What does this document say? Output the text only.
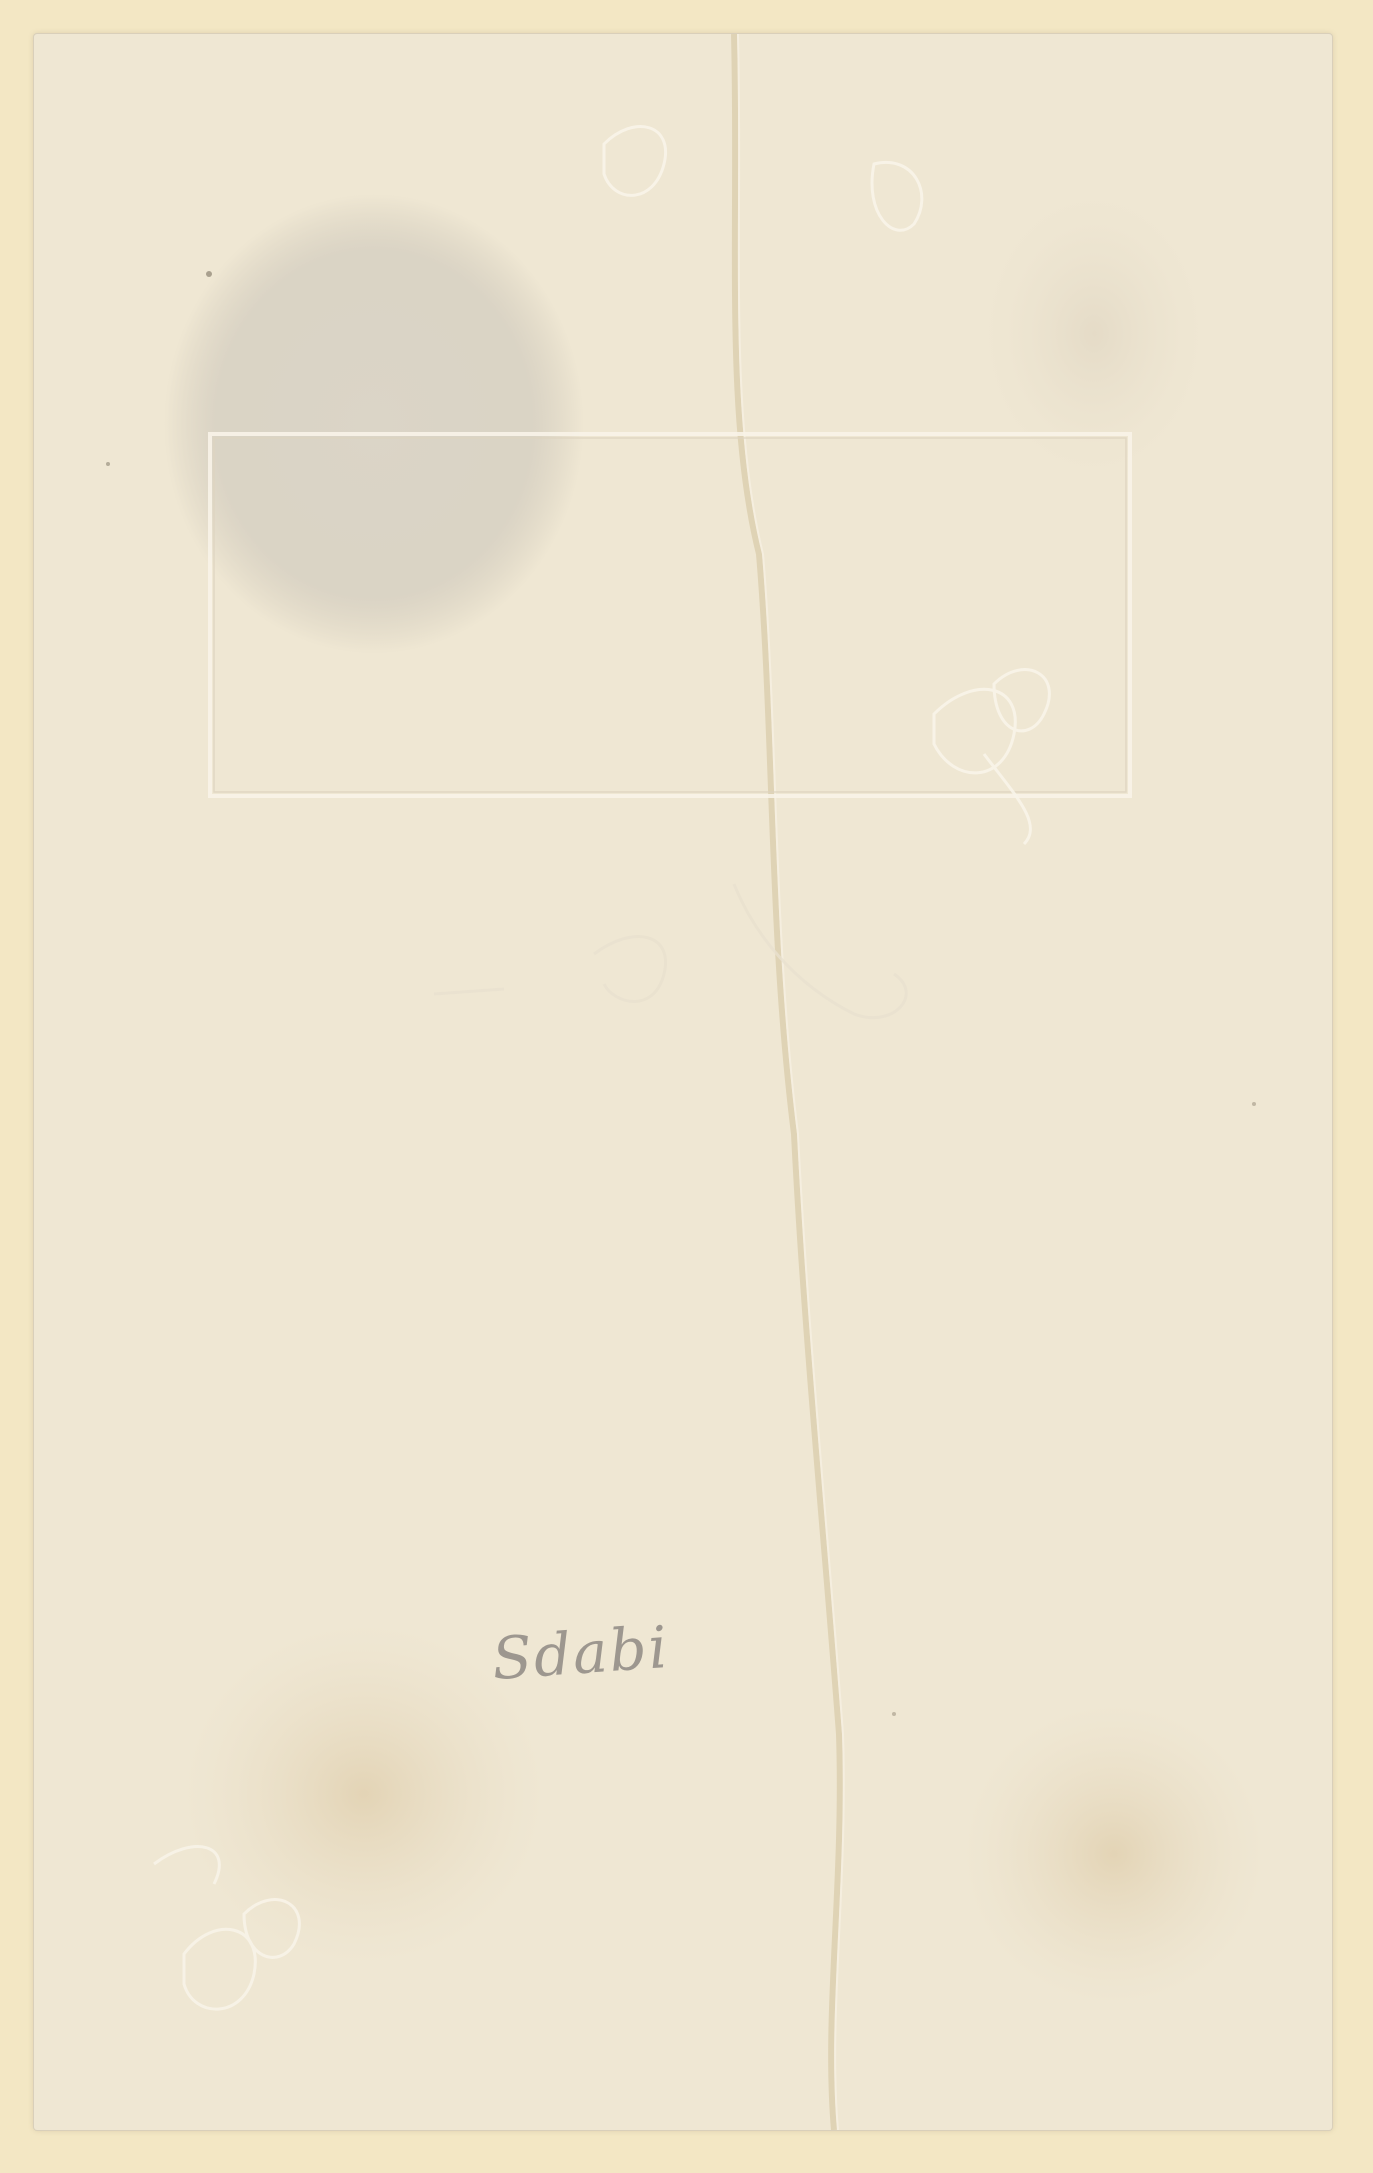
Sdabi
